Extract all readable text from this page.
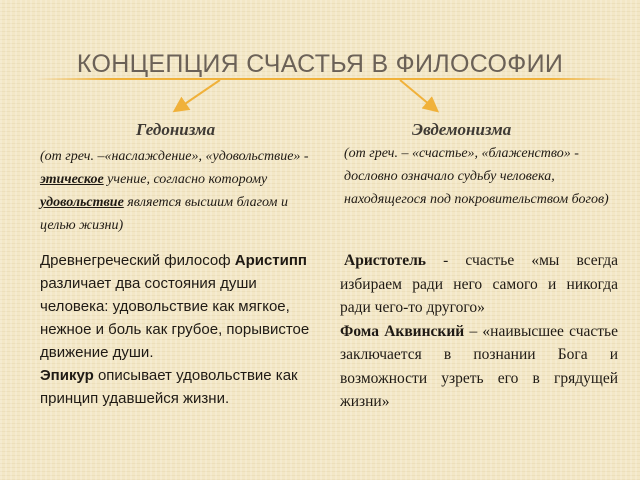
КОНЦЕПЦИЯ СЧАСТЬЯ В ФИЛОСОФИИ
Гедонизма	Эвдемонизма
(от греч. –«наслаждение», «удовольствие» - этическое учение, согласно которому удовольствие является высшим благом и целью жизни)

Древнегреческий философ Аристипп различает два состояния души человека: удовольствие как мягкое, нежное и боль как грубое, порывистое движение души.

Эпикур описывает удовольствие как принцип удавшейся жизни.

(от греч. – «счастье», «блаженство» - дословно означало судьбу человека, находящегося под покровительством богов)

Аристотель - счастье «мы всегда избираем ради него самого и никогда ради чего-то другого»

Фома Аквинский – «наивысшее счастье заключается в познании Бога и возможности узреть его в грядущей жизни»
